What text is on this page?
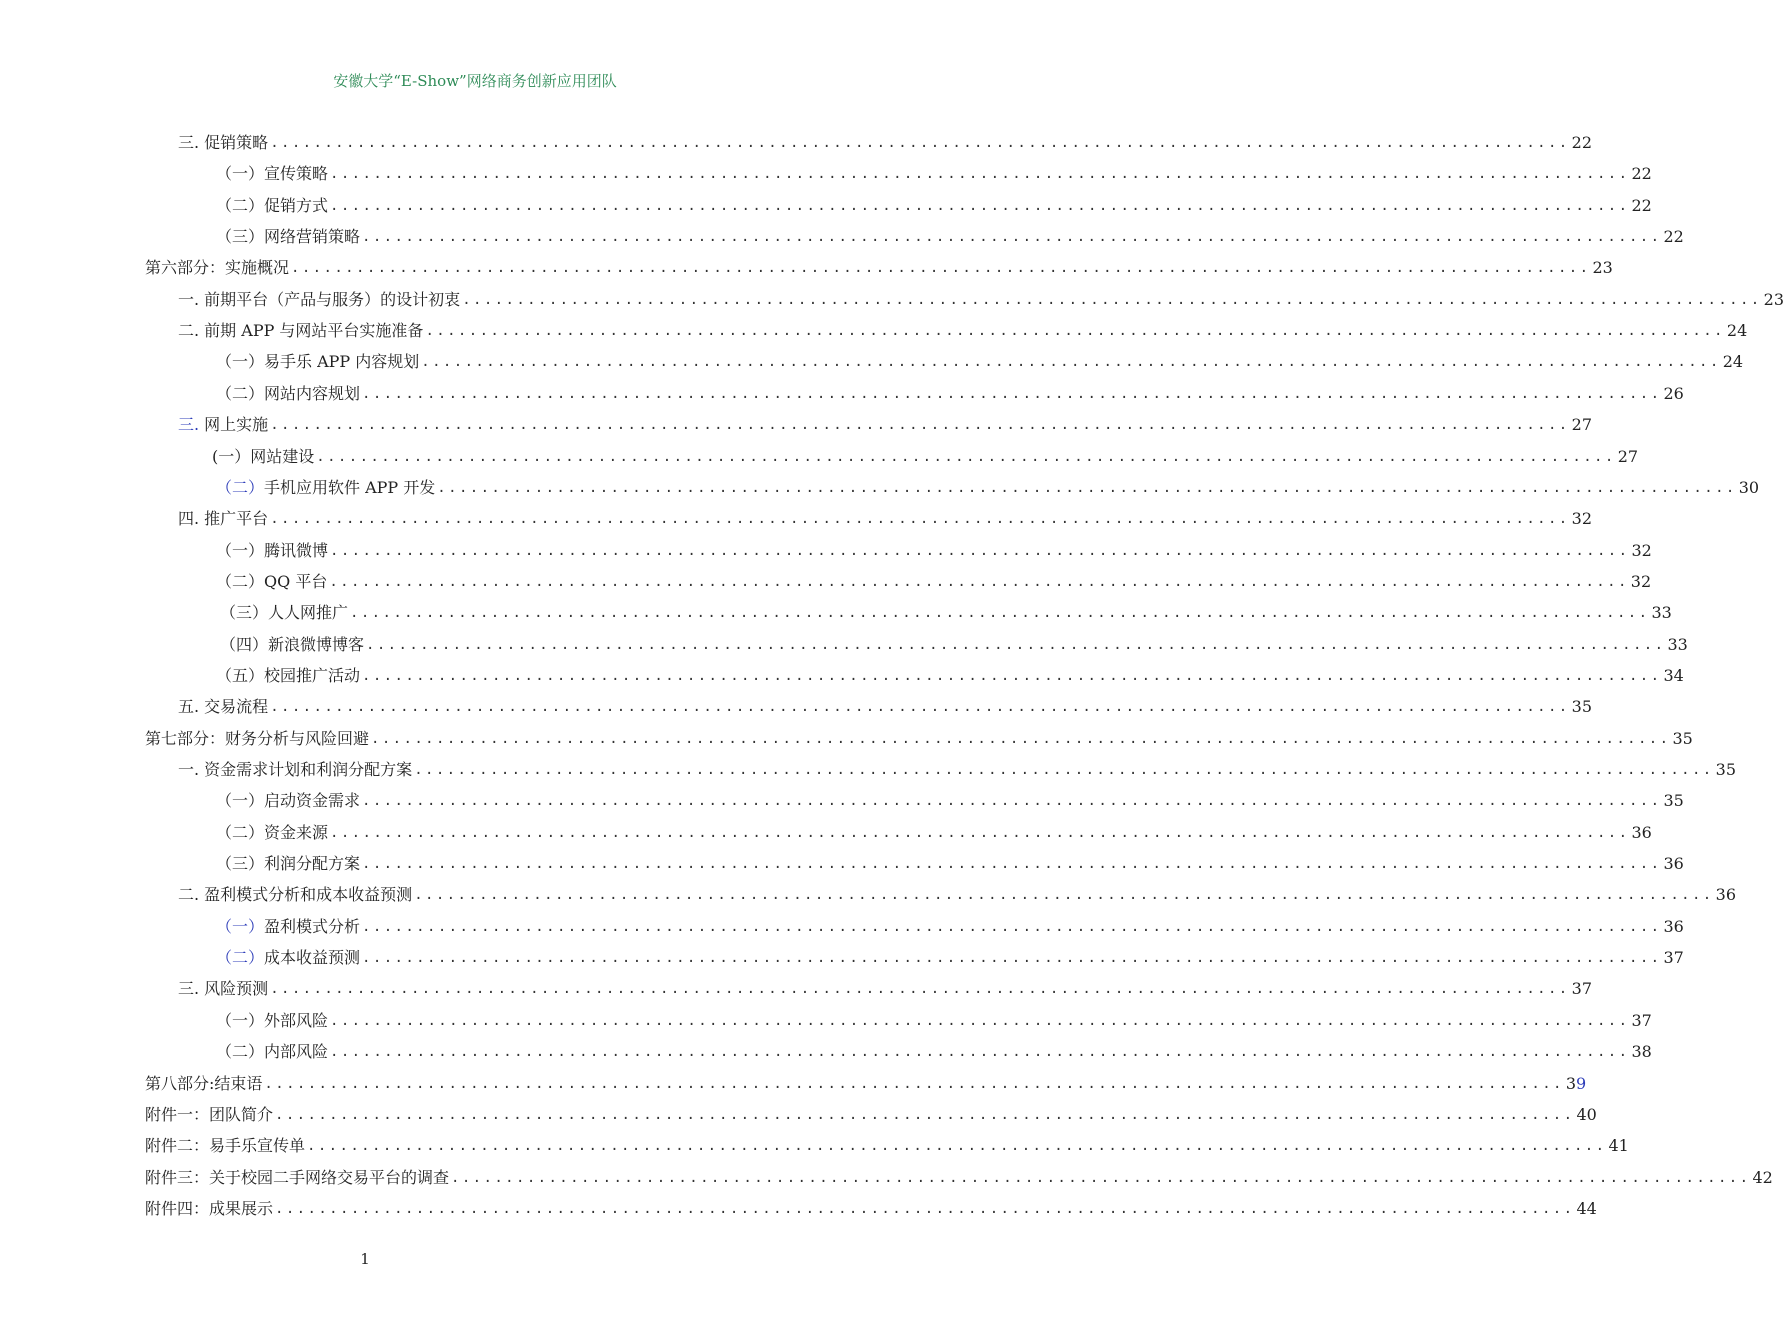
安徽大学“E-Show”网络商务创新应用团队
三. 促销策略 ........................................................................................................................ 22
（一）宣传策略 ........................................................................................................................ 22
（二）促销方式 ........................................................................................................................ 22
（三）网络营销策略 ........................................................................................................................ 22
第六部分：实施概况 ........................................................................................................................ 23
一. 前期平台（产品与服务）的设计初衷 ........................................................................................................................ 23
二. 前期 APP 与网站平台实施准备 ........................................................................................................................ 24
（一）易手乐 APP 内容规划 ........................................................................................................................ 24
（二）网站内容规划 ........................................................................................................................ 26
三. 网上实施 ........................................................................................................................ 27
(一）网站建设 ........................................................................................................................ 27
（二）手机应用软件 APP 开发 ........................................................................................................................ 30
四. 推广平台 ........................................................................................................................ 32
（一）腾讯微博 ........................................................................................................................ 32
（二）QQ 平台 ........................................................................................................................ 32
（三）人人网推广 ........................................................................................................................ 33
（四）新浪微博博客 ........................................................................................................................ 33
（五）校园推广活动 ........................................................................................................................ 34
五. 交易流程 ........................................................................................................................ 35
第七部分：财务分析与风险回避 ........................................................................................................................ 35
一. 资金需求计划和利润分配方案 ........................................................................................................................ 35
（一）启动资金需求 ........................................................................................................................ 35
（二）资金来源 ........................................................................................................................ 36
（三）利润分配方案 ........................................................................................................................ 36
二. 盈利模式分析和成本收益预测 ........................................................................................................................ 36
（一）盈利模式分析 ........................................................................................................................ 36
（二）成本收益预测 ........................................................................................................................ 37
三. 风险预测 ........................................................................................................................ 37
（一）外部风险 ........................................................................................................................ 37
（二）内部风险 ........................................................................................................................ 38
第八部分:结束语 ........................................................................................................................ 39
附件一：团队简介 ........................................................................................................................ 40
附件二：易手乐宣传单 ........................................................................................................................ 41
附件三：关于校园二手网络交易平台的调查 ........................................................................................................................ 42
附件四：成果展示 ........................................................................................................................ 44
1
